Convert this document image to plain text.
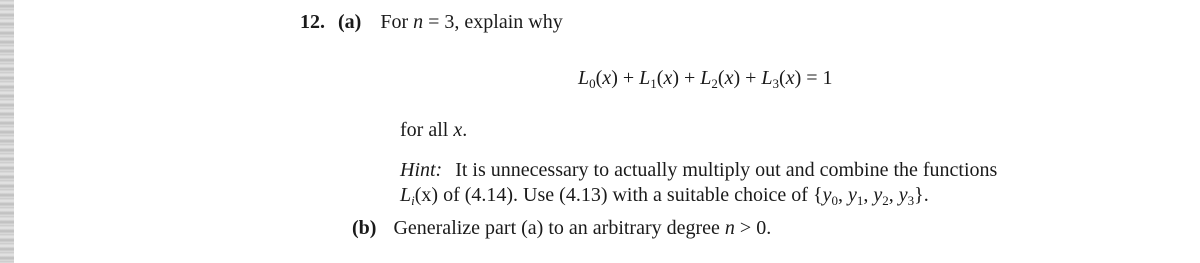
12. (a) For n = 3, explain why
$L_0(x) + L_1(x) + L_2(x) + L_3(x) = 1$
for all x.
Hint: It is unnecessary to actually multiply out and combine the functions
$L_i(x)$ of (4.14). Use (4.13) with a suitable choice of {$y_0$, $y_1$, $y_2$, $y_3$}.
(b) Generalize part (a) to an arbitrary degree n > 0.
